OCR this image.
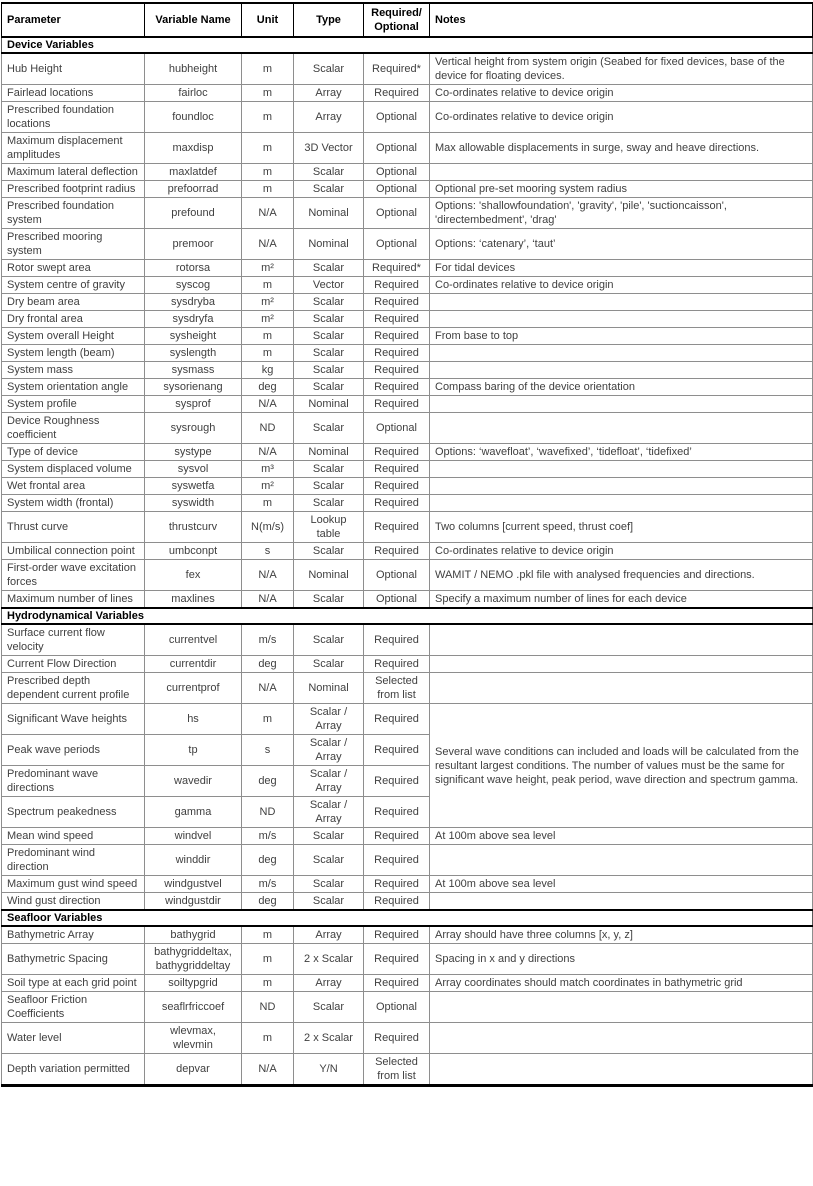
Parameter	Variable Name	Unit	Type	Required/Optional	Notes
Device Variables					
Hub Height	hubheight	m	Scalar	Required*	Vertical height from system origin (Seabed for fixed devices, base of the device for floating devices.
Fairlead locations	fairloc	m	Array	Required	Co-ordinates relative to device origin
Prescribed foundation locations	foundloc	m	Array	Optional	Co-ordinates relative to device origin
Maximum displacement amplitudes	maxdisp	m	3D Vector	Optional	Max allowable displacements in surge, sway and heave directions.
Maximum lateral deflection	maxlatdef	m	Scalar	Optional	
Prescribed footprint radius	prefoorrad	m	Scalar	Optional	Optional pre-set mooring system radius
Prescribed foundation system	prefound	N/A	Nominal	Optional	Options: 'shallowfoundation', 'gravity', 'pile', 'suctioncaisson', 'directembedment', 'drag'
Prescribed mooring system	premoor	N/A	Nominal	Optional	Options: ‘catenary’, ‘taut’
Rotor swept area	rotorsa	m²	Scalar	Required*	For tidal devices
System centre of gravity	syscog	m	Vector	Required	Co-ordinates relative to device origin
Dry beam area	sysdryba	m²	Scalar	Required	
Dry frontal area	sysdryfa	m²	Scalar	Required	
System overall Height	sysheight	m	Scalar	Required	From base to top
System length (beam)	syslength	m	Scalar	Required	
System mass	sysmass	kg	Scalar	Required	
System orientation angle	sysorienang	deg	Scalar	Required	Compass baring of the device orientation
System profile	sysprof	N/A	Nominal	Required	
Device Roughness coefficient	sysrough	ND	Scalar	Optional	
Type of device	systype	N/A	Nominal	Required	Options: ‘wavefloat’, ‘wavefixed’, ‘tidefloat’, ‘tidefixed’
System displaced volume	sysvol	m³	Scalar	Required	
Wet frontal area	syswetfa	m²	Scalar	Required	
System width (frontal)	syswidth	m	Scalar	Required	
Thrust curve	thrustcurv	N(m/s)	Lookup table	Required	Two columns [current speed, thrust coef]
Umbilical connection point	umbconpt	s	Scalar	Required	Co-ordinates relative to device origin
First-order wave excitation forces	fex	N/A	Nominal	Optional	WAMIT / NEMO .pkl file with analysed frequencies and directions.
Maximum number of lines	maxlines	N/A	Scalar	Optional	Specify a maximum number of lines for each device
Hydrodynamical Variables					
Surface current flow velocity	currentvel	m/s	Scalar	Required	
Current Flow Direction	currentdir	deg	Scalar	Required	
Prescribed depth dependent current profile	currentprof	N/A	Nominal	Selected from list	
Significant Wave heights	hs	m	Scalar / Array	Required	Several wave conditions can included and loads will be calculated from the resultant largest conditions. The number of values must be the same for significant wave height, peak period, wave direction and spectrum gamma.
Peak wave periods	tp	s	Scalar / Array	Required	
Predominant wave directions	wavedir	deg	Scalar / Array	Required	
Spectrum peakedness	gamma	ND	Scalar / Array	Required	
Mean wind speed	windvel	m/s	Scalar	Required	At 100m above sea level
Predominant wind direction	winddir	deg	Scalar	Required	
Maximum gust wind speed	windgustvel	m/s	Scalar	Required	At 100m above sea level
Wind gust direction	windgustdir	deg	Scalar	Required	
Seafloor Variables					
Bathymetric Array	bathygrid	m	Array	Required	Array should have three columns [x, y, z]
Bathymetric Spacing	bathygriddeltax, bathygriddeltay	m	2 x Scalar	Required	Spacing in x and y directions
Soil type at each grid point	soiltypgrid	m	Array	Required	Array coordinates should match coordinates in bathymetric grid
Seafloor Friction Coefficients	seaflrfriccoef	ND	Scalar	Optional	
Water level	wlevmax, wlevmin	m	2 x Scalar	Required	
Depth variation permitted	depvar	N/A	Y/N	Selected from list	
